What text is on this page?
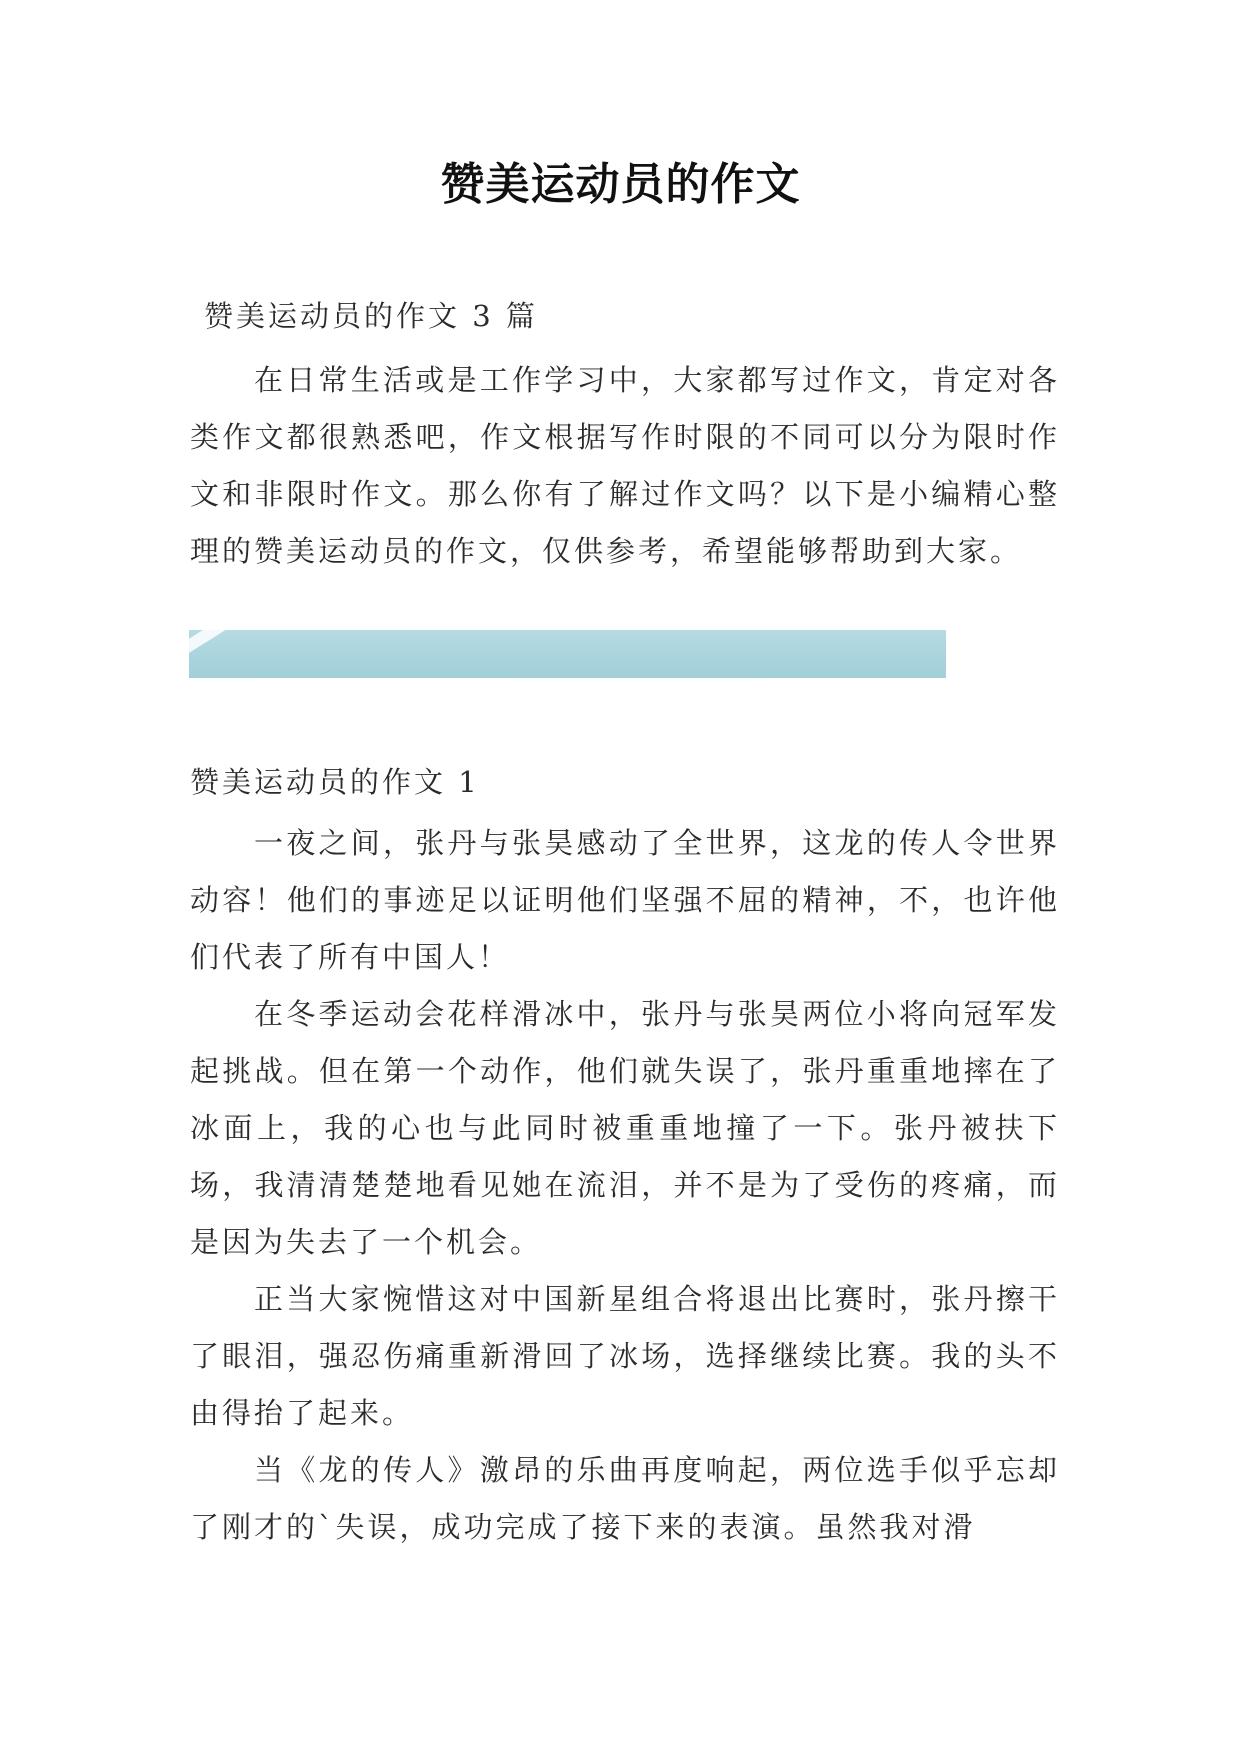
赞美运动员的作文

赞美运动员的作文 3 篇

在日常生活或是工作学习中，大家都写过作文，肯定对各类作文都很熟悉吧，作文根据写作时限的不同可以分为限时作文和非限时作文。那么你有了解过作文吗？以下是小编精心整理的赞美运动员的作文，仅供参考，希望能够帮助到大家。

赞美运动员的作文 1

一夜之间，张丹与张昊感动了全世界，这龙的传人令世界动容！他们的事迹足以证明他们坚强不屈的精神，不，也许他们代表了所有中国人！

在冬季运动会花样滑冰中，张丹与张昊两位小将向冠军发起挑战。但在第一个动作，他们就失误了，张丹重重地摔在了冰面上，我的心也与此同时被重重地撞了一下。张丹被扶下场，我清清楚楚地看见她在流泪，并不是为了受伤的疼痛，而是因为失去了一个机会。

正当大家惋惜这对中国新星组合将退出比赛时，张丹擦干了眼泪，强忍伤痛重新滑回了冰场，选择继续比赛。我的头不由得抬了起来。

当《龙的传人》激昂的乐曲再度响起，两位选手似乎忘却了刚才的`失误，成功完成了接下来的表演。虽然我对滑
